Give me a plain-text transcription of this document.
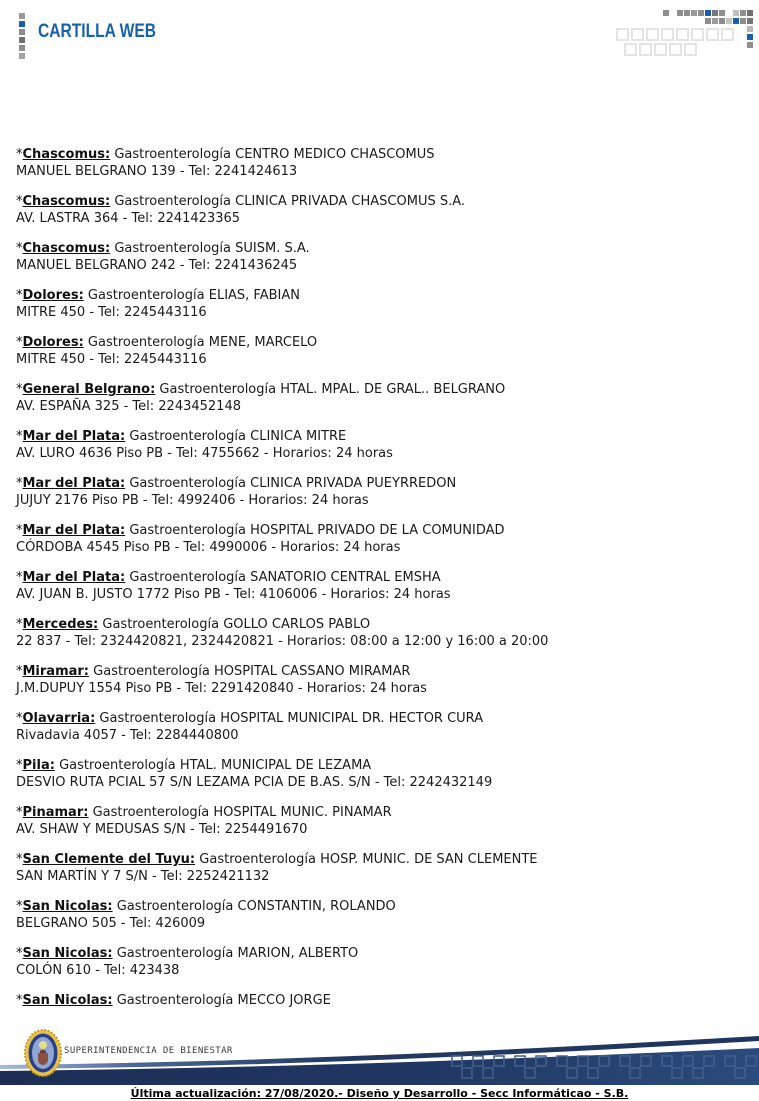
CARTILLA WEB
*Chascomus: Gastroenterología CENTRO MEDICO CHASCOMUS
MANUEL BELGRANO 139 - Tel: 2241424613
*Chascomus: Gastroenterología CLINICA PRIVADA CHASCOMUS S.A.
AV. LASTRA 364 - Tel: 2241423365
*Chascomus: Gastroenterología SUISM. S.A.
MANUEL BELGRANO 242 - Tel: 2241436245
*Dolores: Gastroenterología ELIAS, FABIAN
MITRE 450 - Tel: 2245443116
*Dolores: Gastroenterología MENE, MARCELO
MITRE 450 - Tel: 2245443116
*General Belgrano: Gastroenterología HTAL. MPAL. DE GRAL.. BELGRANO
AV. ESPAÑA 325 - Tel: 2243452148
*Mar del Plata: Gastroenterología CLINICA MITRE
AV. LURO 4636 Piso PB - Tel: 4755662 - Horarios: 24 horas
*Mar del Plata: Gastroenterología CLINICA PRIVADA PUEYRREDON
JUJUY 2176 Piso PB - Tel: 4992406 - Horarios: 24 horas
*Mar del Plata: Gastroenterología HOSPITAL PRIVADO DE LA COMUNIDAD
CÓRDOBA 4545 Piso PB - Tel: 4990006 - Horarios: 24 horas
*Mar del Plata: Gastroenterología SANATORIO CENTRAL EMSHA
AV. JUAN B. JUSTO 1772 Piso PB - Tel: 4106006 - Horarios: 24 horas
*Mercedes: Gastroenterología GOLLO CARLOS PABLO
22 837 - Tel: 2324420821, 2324420821 - Horarios: 08:00 a 12:00 y 16:00 a 20:00
*Miramar: Gastroenterología HOSPITAL CASSANO MIRAMAR
J.M.DUPUY 1554 Piso PB - Tel: 2291420840 - Horarios: 24 horas
*Olavarria: Gastroenterología HOSPITAL MUNICIPAL DR. HECTOR CURA
Rivadavia 4057 - Tel: 2284440800
*Pila: Gastroenterología HTAL. MUNICIPAL DE LEZAMA
DESVIO RUTA PCIAL 57 S/N LEZAMA PCIA DE B.AS. S/N - Tel: 2242432149
*Pinamar: Gastroenterología HOSPITAL MUNIC. PINAMAR
AV. SHAW Y MEDUSAS S/N - Tel: 2254491670
*San Clemente del Tuyu: Gastroenterología HOSP. MUNIC. DE SAN CLEMENTE
SAN MARTÍN Y 7 S/N - Tel: 2252421132
*San Nicolas: Gastroenterología CONSTANTIN, ROLANDO
BELGRANO 505 - Tel: 426009
*San Nicolas: Gastroenterología MARION, ALBERTO
COLÓN 610 - Tel: 423438
*San Nicolas: Gastroenterología MECCO JORGE
SUPERINTENDENCIA DE BIENESTAR
Última actualización: 27/08/2020.- Diseño y Desarrollo - Secc Informáticao - S.B.
